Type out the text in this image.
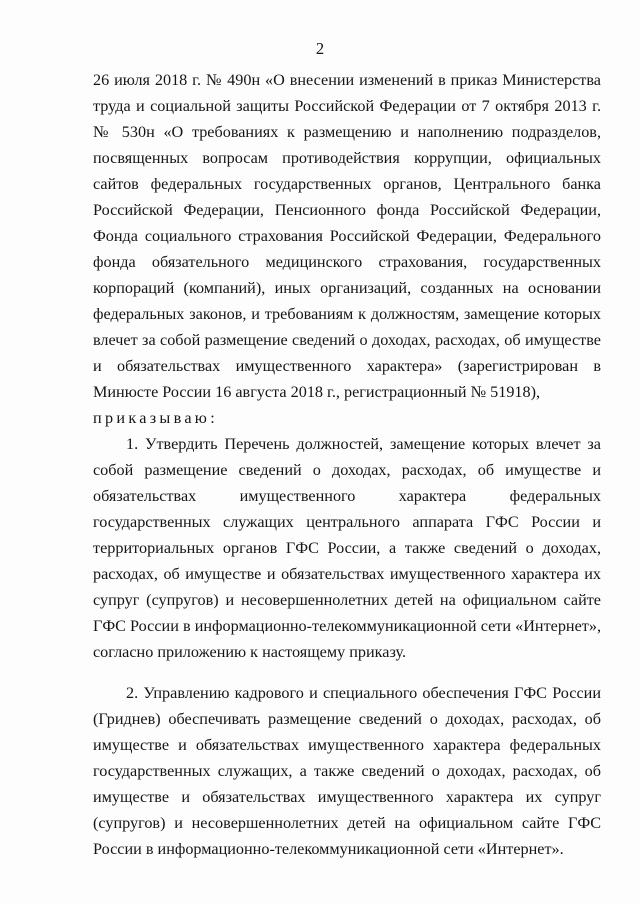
2

26 июля 2018 г. № 490н «О внесении изменений в приказ Министерства труда и социальной защиты Российской Федерации от 7 октября 2013 г. № 530н «О требованиях к размещению и наполнению подразделов, посвященных вопросам противодействия коррупции, официальных сайтов федеральных государственных органов, Центрального банка Российской Федерации, Пенсионного фонда Российской Федерации, Фонда социального страхования Российской Федерации, Федерального фонда обязательного медицинского страхования, государственных корпораций (компаний), иных организаций, созданных на основании федеральных законов, и требованиям к должностям, замещение которых влечет за собой размещение сведений о доходах, расходах, об имуществе и обязательствах имущественного характера» (зарегистрирован в Минюсте России 16 августа 2018 г., регистрационный № 51918),

приказываю:

1. Утвердить Перечень должностей, замещение которых влечет за собой размещение сведений о доходах, расходах, об имуществе и обязательствах имущественного характера федеральных государственных служащих центрального аппарата ГФС России и территориальных органов ГФС России, а также сведений о доходах, расходах, об имуществе и обязательствах имущественного характера их супруг (супругов) и несовершеннолетних детей на официальном сайте ГФС России в информационно-телекоммуникационной сети «Интернет», согласно приложению к настоящему приказу.

2. Управлению кадрового и специального обеспечения ГФС России (Гриднев) обеспечивать размещение сведений о доходах, расходах, об имуществе и обязательствах имущественного характера федеральных государственных служащих, а также сведений о доходах, расходах, об имуществе и обязательствах имущественного характера их супруг (супругов) и несовершеннолетних детей на официальном сайте ГФС России в информационно-телекоммуникационной сети «Интернет».
